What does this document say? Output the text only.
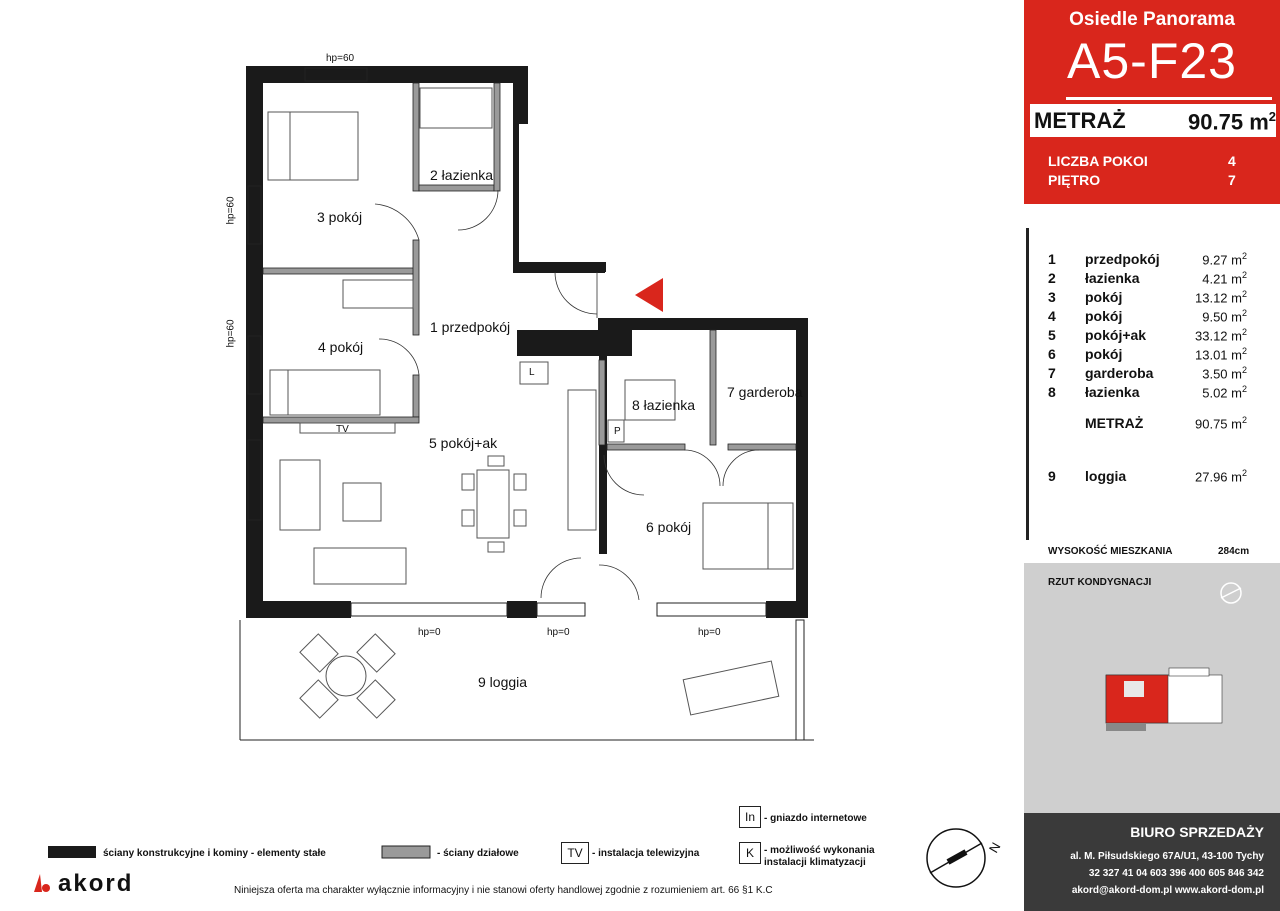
1 przedpokój
2 łazienka
3 pokój
4 pokój
5 pokój+ak
6 pokój
7 garderoba
8 łazienka
9 loggia
hp=60
hp=60
hp=60
hp=0	hp=0	hp=0
TV
L
P
N
Osiedle Panorama
A5-F23
METRAŻ	90.75 $m^2$
LICZBA POKOI	4
PIĘTRO	7
1 przedpokój	9.27 $m^2$
2 łazienka	4.21 $m^2$
3 pokój	13.12 $m^2$
4 pokój	9.50 $m^2$
5 pokój+ak	33.12 $m^2$
6 pokój	13.01 $m^2$
7 garderoba	3.50 $m^2$
8 łazienka	5.02 $m^2$
METRAŻ	90.75 $m^2$
9 loggia	27.96 $m^2$
WYSOKOŚĆ MIESZKANIA	284cm
RZUT KONDYGNACJI
BIURO SPRZEDAŻY
al. M. Piłsudskiego 67A/U1, 43-100 Tychy
32 327 41 04 603 396 400 605 846 342
akord@akord-dom.pl www.akord-dom.pl
ściany konstrukcyjne i kominy - elementy stałe	- ściany działowe	TV - instalacja telewizyjna
In - gniazdo internetowe
K	- możliwość wykonania
instalacji klimatyzacji
akord	Niniejsza oferta ma charakter wyłącznie informacyjny i nie stanowi oferty handlowej zgodnie z rozumieniem art. 66 §1 K.C
